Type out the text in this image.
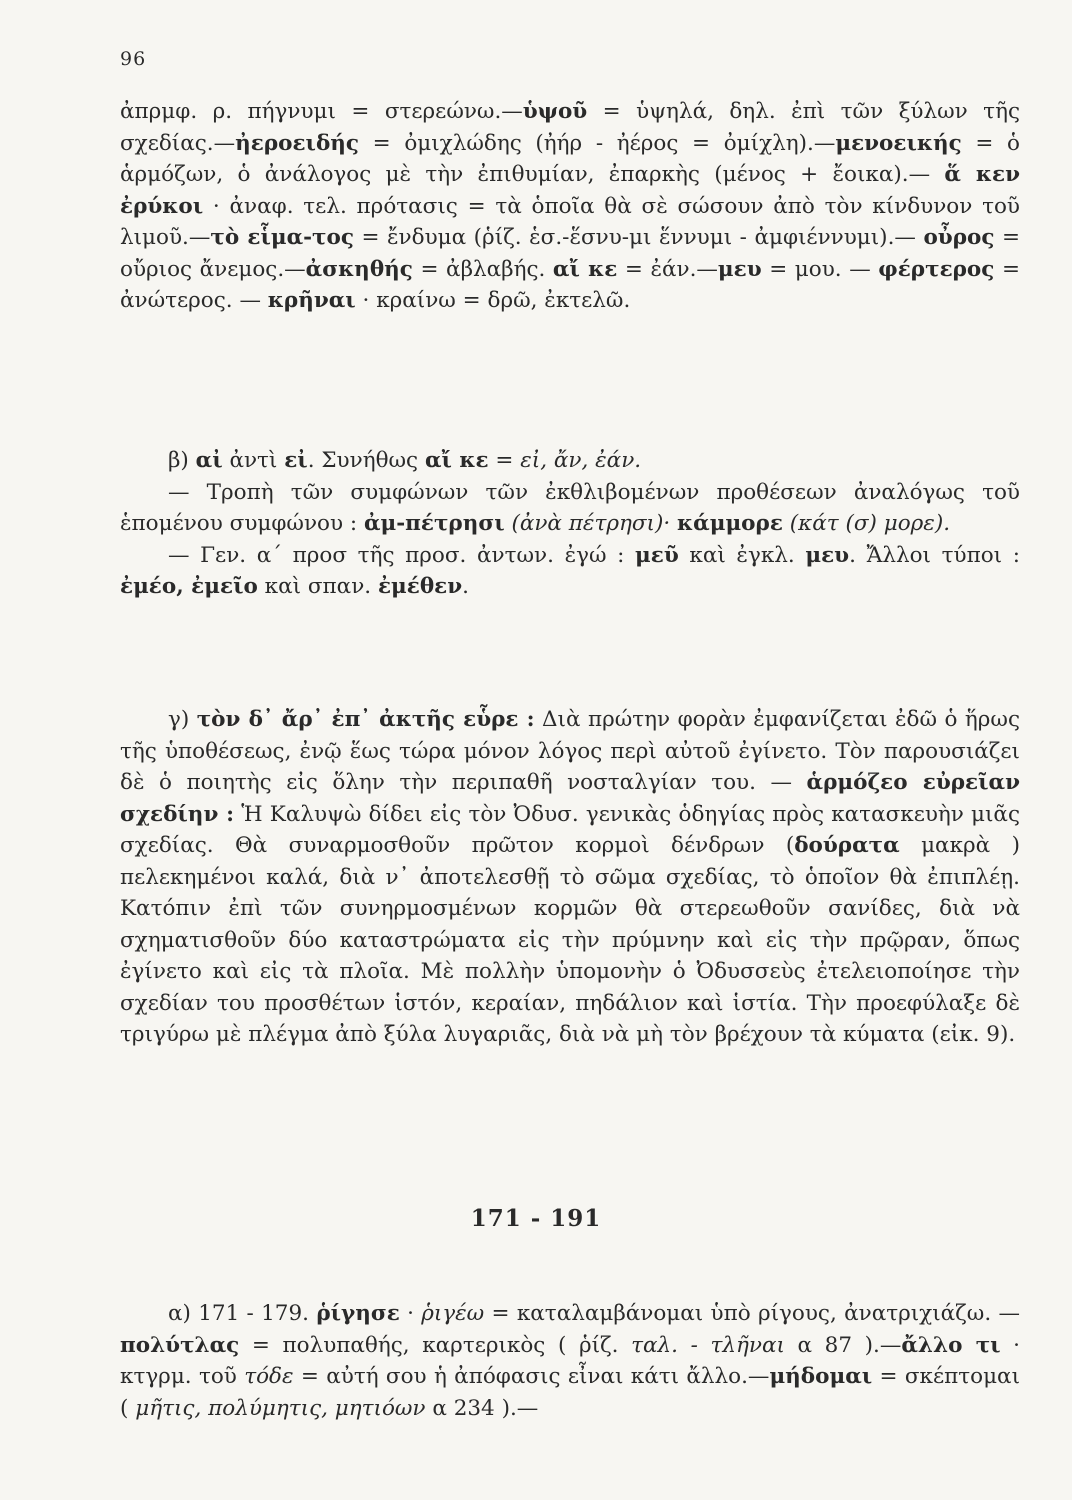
96

ἀπρμφ. ρ. πήγνυμι = στερεώνω.—ὑψοῦ = ὑψηλά, δηλ. ἐπὶ τῶν ξύλων τῆς σχεδίας.—ἠεροειδής = ὀμιχλώδης (ἠήρ - ἠέρος = ὀμίχλη).—μενοεικής = ὁ ἁρμόζων, ὁ ἀνάλογος μὲ τὴν ἐπιθυμίαν, ἐπαρκὴς (μένος + ἔοικα).— ἅ κεν ἐρύκοι · ἀναφ. τελ. πρότασις = τὰ ὁποῖα θὰ σὲ σώσουν ἀπὸ τὸν κίνδυνον τοῦ λιμοῦ.—τὸ εἷμα-τος = ἔνδυμα (ῥίζ. ἑσ.-ἕσνυ-μι ἕννυμι - ἀμφιέννυμι).— οὖρος = οὔριος ἄνεμος.—ἀσκηθής = ἀβλαβής. αἴ κε = ἐάν.—μευ = μου. — φέρτερος = ἀνώτερος. — κρῆναι · κραίνω = δρῶ, ἐκτελῶ.

β) αἰ ἀντὶ εἰ. Συνήθως αἴ κε = εἰ, ἄν, ἐάν.

— Τροπὴ τῶν συμφώνων τῶν ἐκθλιβομένων προθέσεων ἀναλόγως τοῦ ἑπομένου συμφώνου : ἀμ-πέτρησι (ἀνὰ πέτρησι)· κάμμορε (κάτ (σ) μορε).

— Γεν. α΄ προσ τῆς προσ. ἀντων. ἐγώ : μεῦ καὶ ἐγκλ. μευ. Ἄλλοι τύποι : ἐμέο, ἐμεῖο καὶ σπαν. ἐμέθεν.

γ) τὸν δ᾽ ἄρ᾽ ἐπ᾽ ἀκτῆς εὗρε : Διὰ πρώτην φορὰν ἐμφανίζεται ἐδῶ ὁ ἥρως τῆς ὑποθέσεως, ἐνῷ ἕως τώρα μόνον λόγος περὶ αὐτοῦ ἐγίνετο. Τὸν παρουσιάζει δὲ ὁ ποιητὴς εἰς ὅλην τὴν περιπαθῆ νοσταλγίαν του. — ἁρμόζεο εὐρεῖαν σχεδίην : Ἡ Καλυψὼ δίδει εἰς τὸν Ὀδυσ. γενικὰς ὁδηγίας πρὸς κατασκευὴν μιᾶς σχεδίας. Θὰ συναρμοσθοῦν πρῶτον κορμοὶ δένδρων (δούρατα μακρὰ ) πελεκημένοι καλά, διὰ ν᾽ ἀποτελεσθῇ τὸ σῶμα σχεδίας, τὸ ὁποῖον θὰ ἐπιπλέῃ. Κατόπιν ἐπὶ τῶν συνηρμοσμένων κορμῶν θὰ στερεωθοῦν σανίδες, διὰ νὰ σχηματισθοῦν δύο καταστρώματα εἰς τὴν πρύμνην καὶ εἰς τὴν πρῷραν, ὅπως ἐγίνετο καὶ εἰς τὰ πλοῖα. Μὲ πολλὴν ὑπομονὴν ὁ Ὀδυσσεὺς ἐτελειοποίησε τὴν σχεδίαν του προσθέτων ἱστόν, κεραίαν, πηδάλιον καὶ ἱστία. Τὴν προεφύλαξε δὲ τριγύρω μὲ πλέγμα ἀπὸ ξύλα λυγαριᾶς, διὰ νὰ μὴ τὸν βρέχουν τὰ κύματα (εἰκ. 9).

171 - 191

α) 171 - 179. ῥίγησε · ῥιγέω = καταλαμβάνομαι ὑπὸ ρίγους, ἀνατριχιάζω. — πολύτλας = πολυπαθής, καρτερικὸς ( ῥίζ. ταλ. - τλῆναι α 87 ).—ἄλλο τι · κτγρμ. τοῦ τόδε = αὐτή σου ἡ ἀπόφασις εἶναι κάτι ἄλλο.—μήδομαι = σκέπτομαι ( μῆτις, πολύμητις, μητιόων α 234 ).—
